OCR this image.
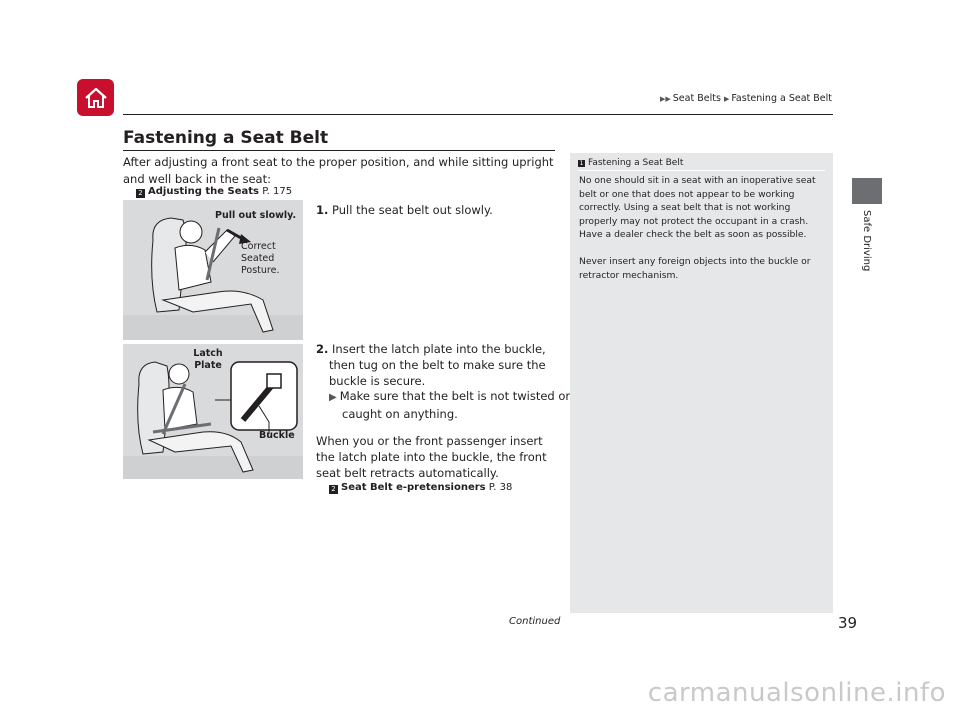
▶▶ Seat Belts ▶ Fastening a Seat Belt
Safe Driving
Fastening a Seat Belt
After adjusting a front seat to the proper position, and while sitting upright and well back in the seat:
2 Adjusting the Seats P. 175
Pull out slowly.
Correct Seated Posture.
Latch Plate
Buckle
1. Pull the seat belt out slowly.
2. Insert the latch plate into the buckle, then tug on the belt to make sure the buckle is secure.
▶ Make sure that the belt is not twisted or caught on anything.
When you or the front passenger insert the latch plate into the buckle, the front seat belt retracts automatically.
2 Seat Belt e-pretensioners P. 38
1 Fastening a Seat Belt
No one should sit in a seat with an inoperative seat belt or one that does not appear to be working correctly. Using a seat belt that is not working properly may not protect the occupant in a crash. Have a dealer check the belt as soon as possible.
Never insert any foreign objects into the buckle or retractor mechanism.
Continued	39
carmanualsonline.info
